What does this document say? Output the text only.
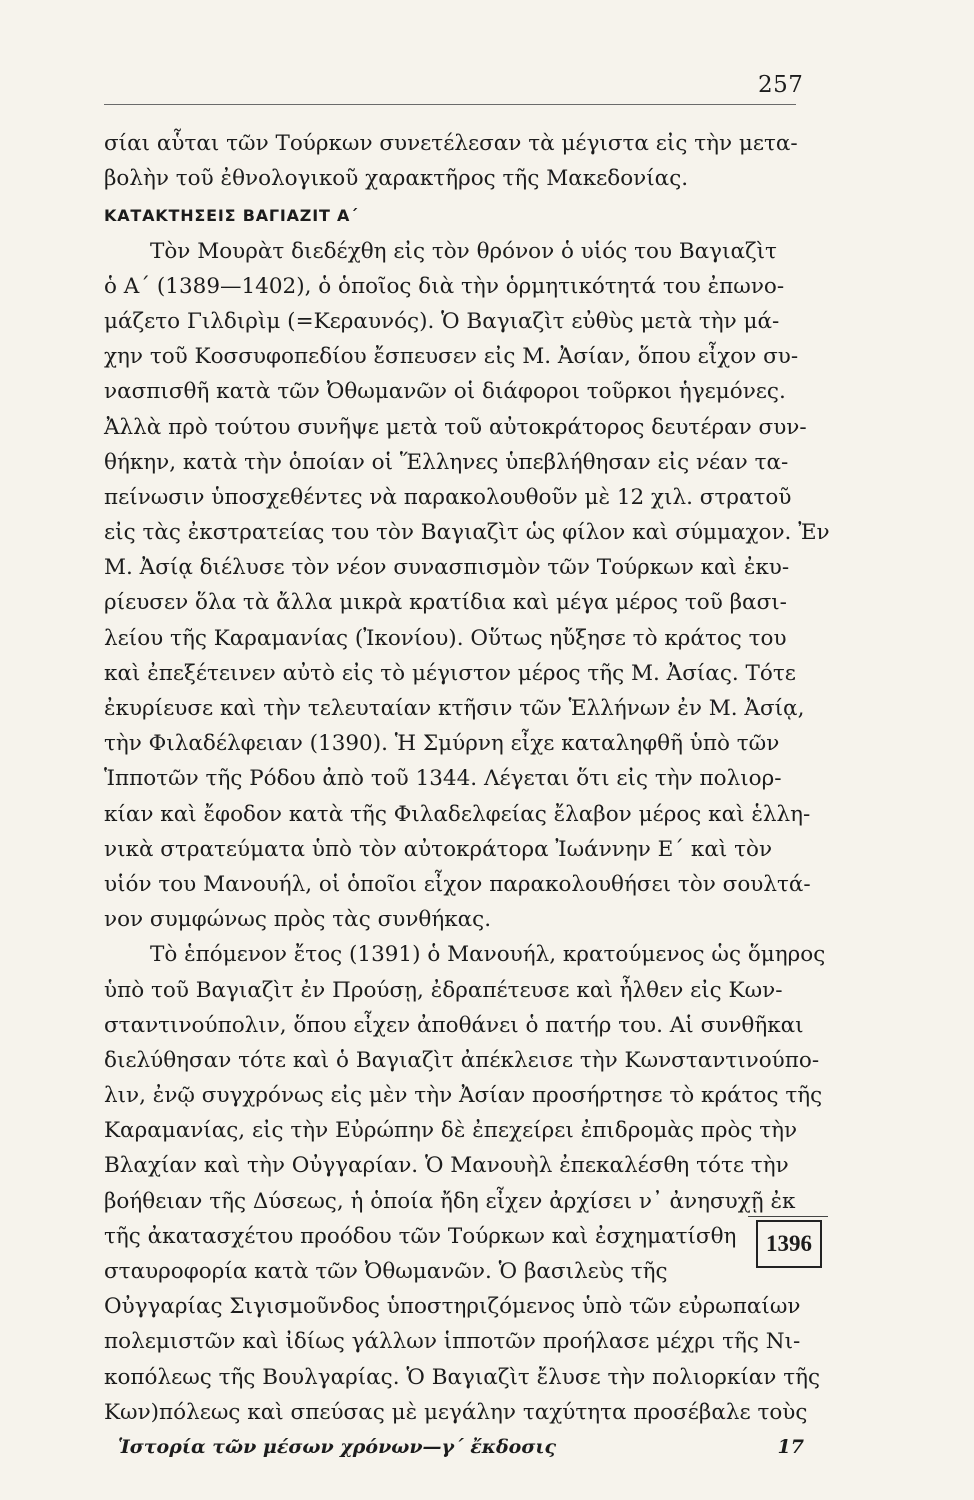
257
σίαι αὗται τῶν Τούρκων συνετέλεσαν τὰ μέγιστα εἰς τὴν μετα-
βολὴν τοῦ ἐθνολογικοῦ χαρακτῆρος τῆς Μακεδονίας.
ΚΑΤΑΚΤΗΣΕΙΣ ΒΑΓΙΑΖΙΤ Α΄
Τὸν Μουρὰτ διεδέχθη εἰς τὸν θρόνον ὁ υἱός του Βαγιαζὶτ
ὁ Α΄ (1389—1402), ὁ ὁποῖος διὰ τὴν ὁρμητικότητά του ἐπωνο-
μάζετο Γιλδιρὶμ (=Κεραυνός). Ὁ Βαγιαζὶτ εὐθὺς μετὰ τὴν μά-
χην τοῦ Κοσσυφοπεδίου ἔσπευσεν εἰς Μ. Ἀσίαν, ὅπου εἶχον συ-
νασπισθῆ κατὰ τῶν Ὀθωμανῶν οἱ διάφοροι τοῦρκοι ἡγεμόνες.
Ἀλλὰ πρὸ τούτου συνῆψε μετὰ τοῦ αὐτοκράτορος δευτέραν συν-
θήκην, κατὰ τὴν ὁποίαν οἱ Ἕλληνες ὑπεβλήθησαν εἰς νέαν τα-
πείνωσιν ὑποσχεθέντες νὰ παρακολουθοῦν μὲ 12 χιλ. στρατοῦ
εἰς τὰς ἐκστρατείας του τὸν Βαγιαζὶτ ὡς φίλον καὶ σύμμαχον. Ἐν
Μ. Ἀσίᾳ διέλυσε τὸν νέον συνασπισμὸν τῶν Τούρκων καὶ ἐκυ-
ρίευσεν ὅλα τὰ ἄλλα μικρὰ κρατίδια καὶ μέγα μέρος τοῦ βασι-
λείου τῆς Καραμανίας (Ἰκονίου). Οὕτως ηὔξησε τὸ κράτος του
καὶ ἐπεξέτεινεν αὐτὸ εἰς τὸ μέγιστον μέρος τῆς Μ. Ἀσίας. Τότε
ἐκυρίευσε καὶ τὴν τελευταίαν κτῆσιν τῶν Ἑλλήνων ἐν Μ. Ἀσίᾳ,
τὴν Φιλαδέλφειαν (1390). Ἡ Σμύρνη εἶχε καταληφθῆ ὑπὸ τῶν
Ἱπποτῶν τῆς Ρόδου ἀπὸ τοῦ 1344. Λέγεται ὅτι εἰς τὴν πολιορ-
κίαν καὶ ἔφοδον κατὰ τῆς Φιλαδελφείας ἔλαβον μέρος καὶ ἑλλη-
νικὰ στρατεύματα ὑπὸ τὸν αὐτοκράτορα Ἰωάννην Ε΄ καὶ τὸν
υἱόν του Μανουήλ, οἱ ὁποῖοι εἶχον παρακολουθήσει τὸν σουλτά-
νον συμφώνως πρὸς τὰς συνθήκας.
Τὸ ἑπόμενον ἔτος (1391) ὁ Μανουήλ, κρατούμενος ὡς ὅμηρος
ὑπὸ τοῦ Βαγιαζὶτ ἐν Προύσῃ, ἐδραπέτευσε καὶ ἦλθεν εἰς Κων-
σταντινούπολιν, ὅπου εἶχεν ἀποθάνει ὁ πατήρ του. Αἱ συνθῆκαι
διελύθησαν τότε καὶ ὁ Βαγιαζὶτ ἀπέκλεισε τὴν Κωνσταντινούπο-
λιν, ἐνῷ συγχρόνως εἰς μὲν τὴν Ἀσίαν προσήρτησε τὸ κράτος τῆς
Καραμανίας, εἰς τὴν Εὐρώπην δὲ ἐπεχείρει ἐπιδρομὰς πρὸς τὴν
Βλαχίαν καὶ τὴν Οὐγγαρίαν. Ὁ Μανουὴλ ἐπεκαλέσθη τότε τὴν
βοήθειαν τῆς Δύσεως, ἡ ὁποία ἤδη εἶχεν ἀρχίσει ν᾽ ἀνησυχῇ ἐκ
τῆς ἀκατασχέτου προόδου τῶν Τούρκων καὶ ἐσχηματίσθη
σταυροφορία κατὰ τῶν Ὀθωμανῶν. Ὁ βασιλεὺς τῆς
Οὐγγαρίας Σιγισμοῦνδος ὑποστηριζόμενος ὑπὸ τῶν εὐρωπαίων
πολεμιστῶν καὶ ἰδίως γάλλων ἱπποτῶν προήλασε μέχρι τῆς Νι-
κοπόλεως τῆς Βουλγαρίας. Ὁ Βαγιαζὶτ ἔλυσε τὴν πολιορκίαν τῆς
Κων)πόλεως καὶ σπεύσας μὲ μεγάλην ταχύτητα προσέβαλε τοὺς
Ἱστορία τῶν μέσων χρόνων—γ΄ ἔκδοσις	17
1396
